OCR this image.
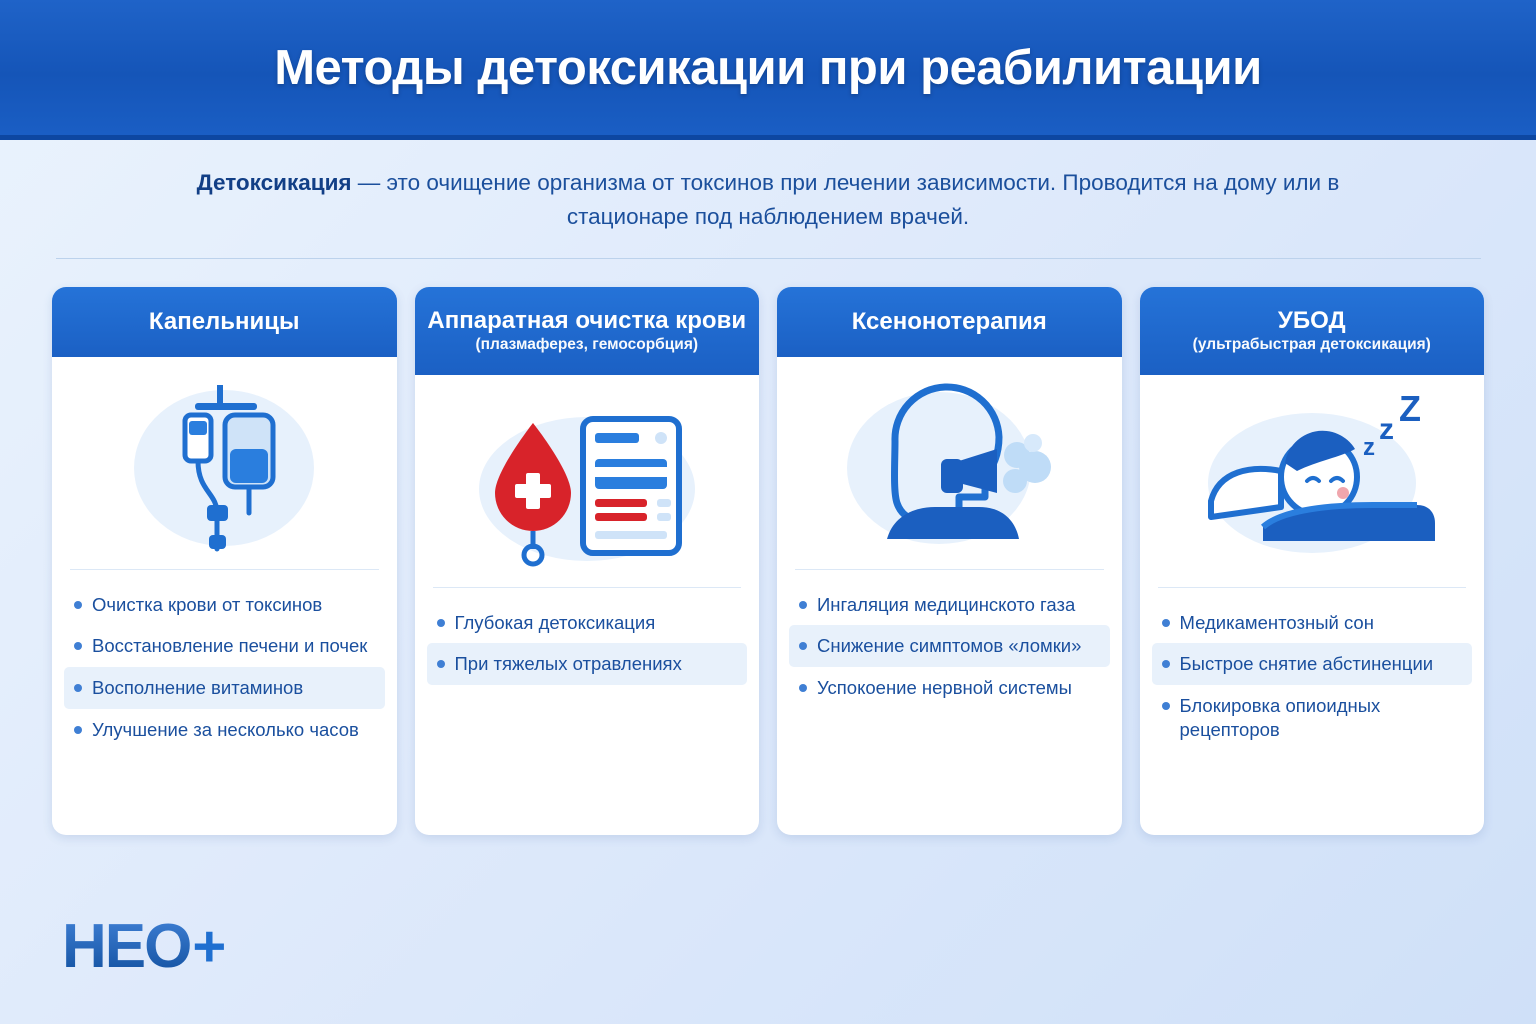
Методы детоксикации при реабилитации

Детоксикация — это очищение организма от токсинов при лечении зависимости. Проводится на дому или в стационаре под наблюдением врачей.

Капельницы
Очистка крови от токсинов
Восстановление печени и почек
Восполнение витаминов
Улучшение за несколько часов
Аппаратная очистка крови
(плазмаферез, гемосорбция)
Глубокая детоксикация
При тяжелых отравлениях
Ксенонотерапия
Ингаляция медицинското газа
Снижение симптомов «ломки»
Успокоение нервной системы
УБОД
(ультрабыстрая детоксикация)
z
z
Z
Медикаментозный сон
Быстрое снятие абстиненции
Блокировка опиоидных рецепторов
HEO +
